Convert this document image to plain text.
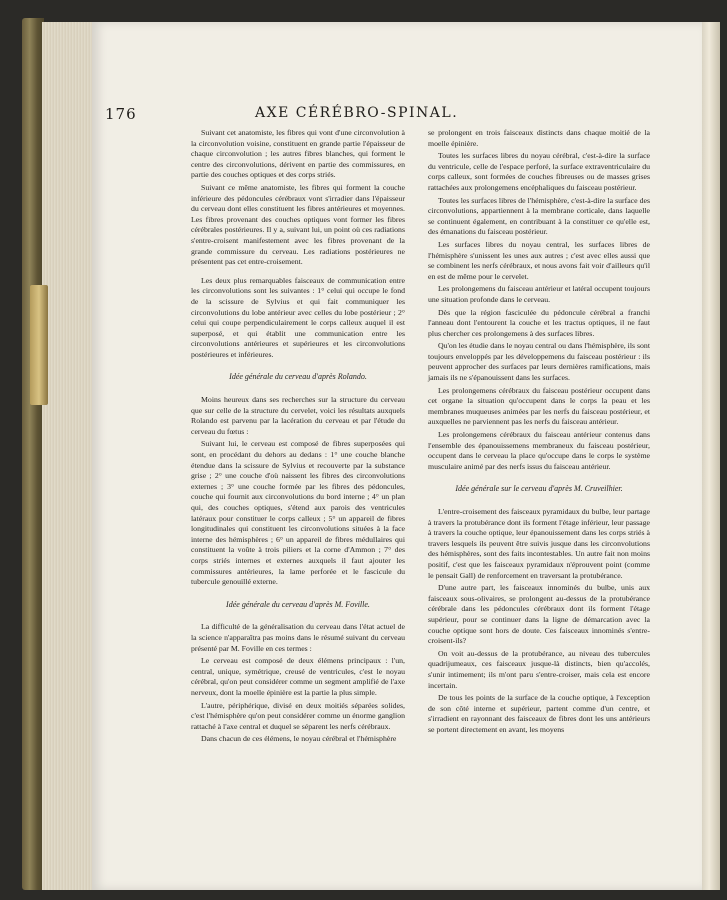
176	AXE CÉRÉBRO-SPINAL.

Suivant cet anatomiste, les fibres qui vont d'une circonvolution à la circonvolution voisine, constituent en grande partie l'épaisseur de chaque circonvolution ; les autres fibres blanches, qui forment le centre des circonvolutions, dérivent en partie des commissures, en partie des couches optiques et des corps striés.

Suivant ce même anatomiste, les fibres qui forment la couche inférieure des pédoncules cérébraux vont s'irradier dans l'épaisseur du cerveau dont elles constituent les fibres antérieures et moyennes. Les fibres provenant des couches optiques vont former les fibres cérébrales postérieures. Il y a, suivant lui, un point où ces radiations s'entre-croisent manifestement avec les fibres provenant de la grande commissure du cerveau. Les radiations postérieures ne présentent pas cet entre-croisement.

Les deux plus remarquables faisceaux de communication entre les circonvolutions sont les suivantes : 1° celui qui occupe le fond de la scissure de Sylvius et qui fait communiquer les circonvolutions du lobe antérieur avec celles du lobe postérieur ; 2° celui qui coupe perpendiculairement le corps calleux auquel il est superposé, et qui établit une communication entre les circonvolutions antérieures et supérieures et les circonvolutions postérieures et inférieures.

Idée générale du cerveau d'après Rolando.

Moins heureux dans ses recherches sur la structure du cerveau que sur celle de la structure du cervelet, voici les résultats auxquels Rolando est parvenu par la lacération du cerveau et par l'étude du cerveau du fœtus :

Suivant lui, le cerveau est composé de fibres superposées qui sont, en procédant du dehors au dedans : 1° une couche blanche étendue dans la scissure de Sylvius et recouverte par la substance grise ; 2° une couche d'où naissent les fibres des circonvolutions externes ; 3° une couche formée par les fibres des pédoncules, couche qui fournit aux circonvolutions du bord interne ; 4° un plan qui, des couches optiques, s'étend aux parois des ventricules latéraux pour constituer le corps calleux ; 5° un appareil de fibres longitudinales qui constituent les circonvolutions situées à la face interne des hémisphères ; 6° un appareil de fibres médullaires qui constituent la voûte à trois piliers et la corne d'Ammon ; 7° des corps striés internes et externes auxquels il faut ajouter les commissures antérieures, la lame perforée et le fascicule du tubercule genouillé externe.

Idée générale du cerveau d'après M. Foville.

La difficulté de la généralisation du cerveau dans l'état actuel de la science n'apparaîtra pas moins dans le résumé suivant du cerveau présenté par M. Foville en ces termes :

Le cerveau est composé de deux élémens principaux : l'un, central, unique, symétrique, creusé de ventricules, c'est le noyau cérébral, qu'on peut considérer comme un segment amplifié de l'axe nerveux, dont la moelle épinière est la partie la plus simple.

L'autre, périphérique, divisé en deux moitiés séparées solides, c'est l'hémisphère qu'on peut considérer comme un énorme ganglion rattaché à l'axe central et duquel se séparent les nerfs cérébraux.

Dans chacun de ces élémens, le noyau cérébral et l'hémisphère

se prolongent en trois faisceaux distincts dans chaque moitié de la moelle épinière.

Toutes les surfaces libres du noyau cérébral, c'est-à-dire la surface du ventricule, celle de l'espace perforé, la surface extraventriculaire du corps calleux, sont formées de couches fibreuses ou de masses grises rattachées aux prolongemens encéphaliques du faisceau postérieur.

Toutes les surfaces libres de l'hémisphère, c'est-à-dire la surface des circonvolutions, appartiennent à la membrane corticale, dans laquelle se continuent également, en contribuant à la constituer ce qu'elle est, des émanations du faisceau postérieur.

Les surfaces libres du noyau central, les surfaces libres de l'hémisphère s'unissent les unes aux autres ; c'est avec elles aussi que se combinent les nerfs cérébraux, et nous avons fait voir d'ailleurs qu'il en est de même pour le cervelet.

Les prolongemens du faisceau antérieur et latéral occupent toujours une situation profonde dans le cerveau.

Dès que la région fasciculée du pédoncule cérébral a franchi l'anneau dont l'entourent la couche et les tractus optiques, il ne faut plus chercher ces prolongemens à des surfaces libres.

Qu'on les étudie dans le noyau central ou dans l'hémisphère, ils sont toujours enveloppés par les développemens du faisceau postérieur : ils peuvent approcher des surfaces par leurs dernières ramifications, mais jamais ils ne s'épanouissent dans les surfaces.

Les prolongemens cérébraux du faisceau postérieur occupent dans cet organe la situation qu'occupent dans le corps la peau et les membranes muqueuses animées par les nerfs du faisceau postérieur, et auxquelles ne parviennent pas les nerfs du faisceau antérieur.

Les prolongemens cérébraux du faisceau antérieur contenus dans l'ensemble des épanouissemens membraneux du faisceau postérieur, occupent dans le cerveau la place qu'occupe dans le corps le système musculaire animé par des nerfs issus du faisceau antérieur.

Idée générale sur le cerveau d'après M. Cruveilhier.

L'entre-croisement des faisceaux pyramidaux du bulbe, leur partage à travers la protubérance dont ils forment l'étage inférieur, leur passage à travers la couche optique, leur épanouissement dans les corps striés à travers lesquels ils peuvent être suivis jusque dans les circonvolutions des hémisphères, sont des faits incontestables. Un autre fait non moins positif, c'est que les faisceaux pyramidaux n'éprouvent point (comme le pensait Gall) de renforcement en traversant la protubérance.

D'une autre part, les faisceaux innominés du bulbe, unis aux faisceaux sous-olivaires, se prolongent au-dessus de la protubérance cérébrale dans les pédoncules cérébraux dont ils forment l'étage supérieur, pour se continuer dans la ligne de démarcation avec la couche optique sont hors de doute. Ces faisceaux innominés s'entre-croisent-ils?

On voit au-dessus de la protubérance, au niveau des tubercules quadrijumeaux, ces faisceaux jusque-là distincts, bien qu'accolés, s'unir intimement; ils m'ont paru s'entre-croiser, mais cela est encore incertain.

De tous les points de la surface de la couche optique, à l'exception de son côté interne et supérieur, partent comme d'un centre, et s'irradient en rayonnant des faisceaux de fibres dont les uns antérieurs se portent directement en avant, les moyens
